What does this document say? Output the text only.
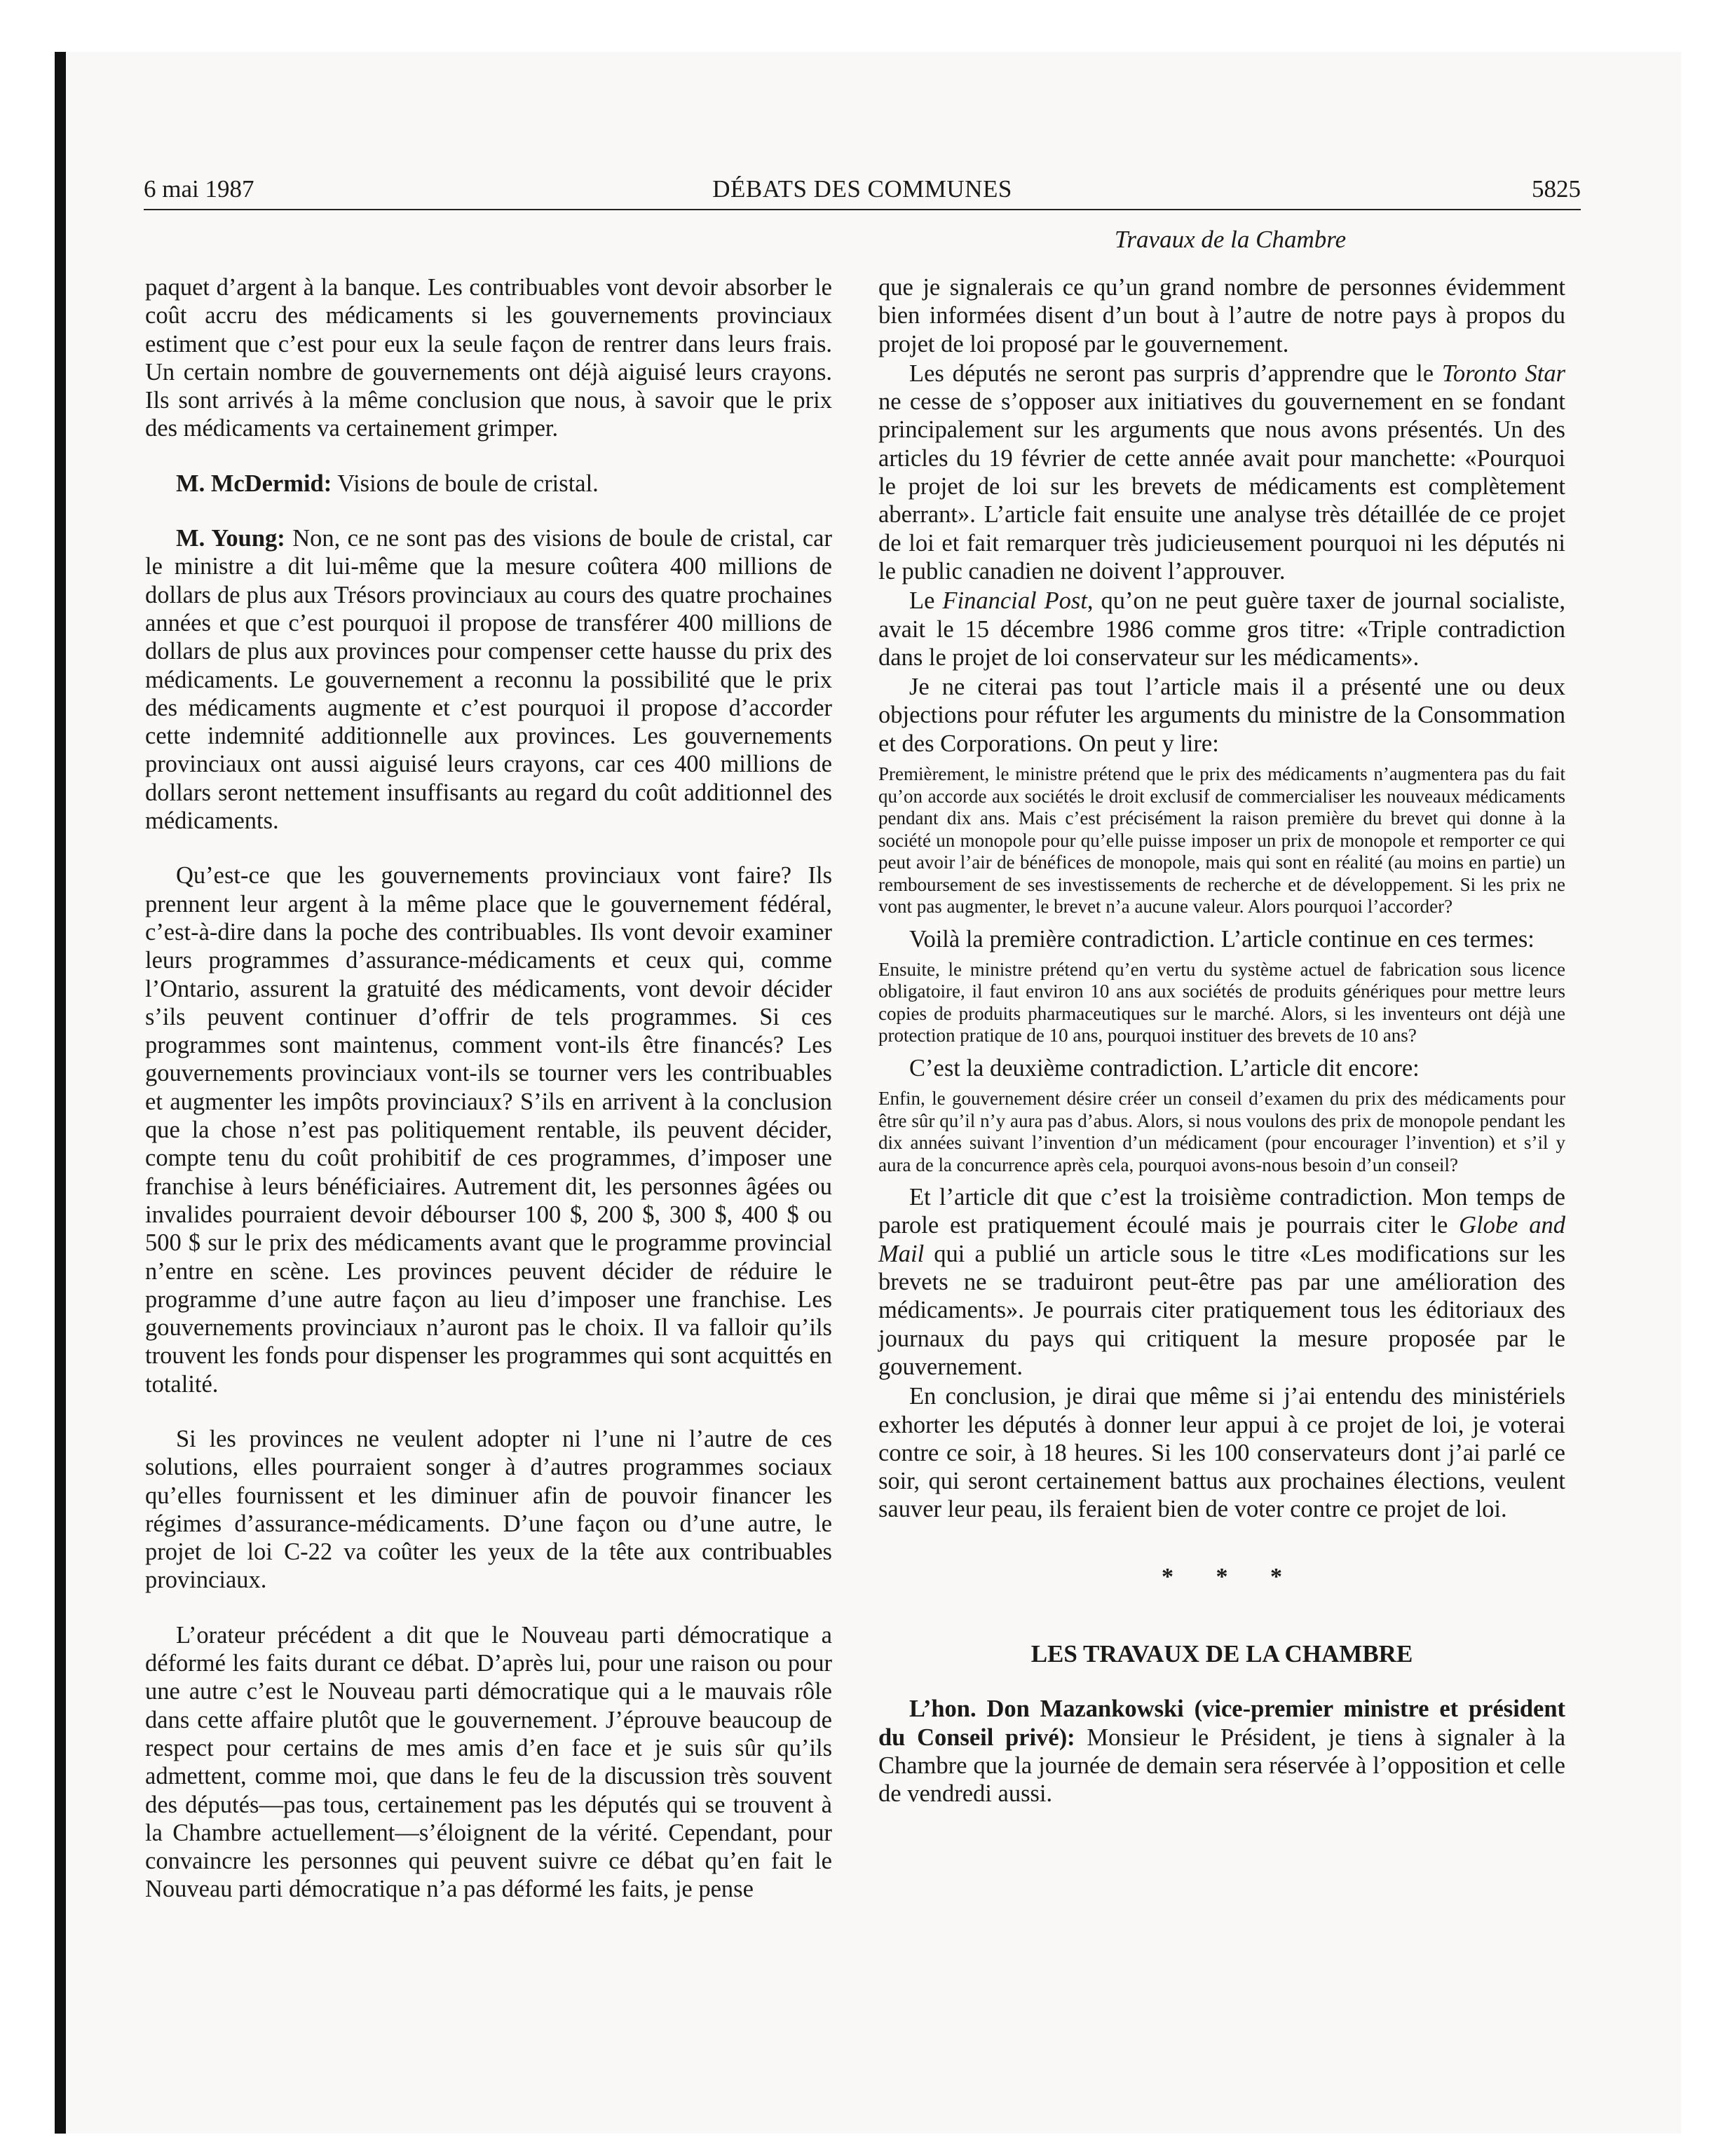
6 mai 1987	DÉBATS DES COMMUNES	5825
Travaux de la Chambre

paquet d’argent à la banque. Les contribuables vont devoir absorber le coût accru des médicaments si les gouvernements provinciaux estiment que c’est pour eux la seule façon de rentrer dans leurs frais. Un certain nombre de gouvernements ont déjà aiguisé leurs crayons. Ils sont arrivés à la même conclusion que nous, à savoir que le prix des médicaments va certainement grimper.

M. McDermid: Visions de boule de cristal.

M. Young: Non, ce ne sont pas des visions de boule de cristal, car le ministre a dit lui-même que la mesure coûtera 400 millions de dollars de plus aux Trésors provinciaux au cours des quatre prochaines années et que c’est pourquoi il propose de transférer 400 millions de dollars de plus aux provinces pour compenser cette hausse du prix des médicaments. Le gouvernement a reconnu la possibilité que le prix des médicaments augmente et c’est pourquoi il propose d’accorder cette indemnité additionnelle aux provinces. Les gouvernements provinciaux ont aussi aiguisé leurs crayons, car ces 400 millions de dollars seront nettement insuffisants au regard du coût additionnel des médicaments.

Qu’est-ce que les gouvernements provinciaux vont faire? Ils prennent leur argent à la même place que le gouvernement fédéral, c’est-à-dire dans la poche des contribuables. Ils vont devoir examiner leurs programmes d’assurance-médicaments et ceux qui, comme l’Ontario, assurent la gratuité des médicaments, vont devoir décider s’ils peuvent continuer d’offrir de tels programmes. Si ces programmes sont maintenus, comment vont-ils être financés? Les gouvernements provinciaux vont-ils se tourner vers les contribuables et augmenter les impôts provinciaux? S’ils en arrivent à la conclusion que la chose n’est pas politiquement rentable, ils peuvent décider, compte tenu du coût prohibitif de ces programmes, d’imposer une franchise à leurs bénéficiaires. Autrement dit, les personnes âgées ou invalides pourraient devoir débourser 100 $, 200 $, 300 $, 400 $ ou 500 $ sur le prix des médicaments avant que le programme provincial n’entre en scène. Les provinces peuvent décider de réduire le programme d’une autre façon au lieu d’imposer une franchise. Les gouvernements provinciaux n’auront pas le choix. Il va falloir qu’ils trouvent les fonds pour dispenser les programmes qui sont acquittés en totalité.

Si les provinces ne veulent adopter ni l’une ni l’autre de ces solutions, elles pourraient songer à d’autres programmes sociaux qu’elles fournissent et les diminuer afin de pouvoir financer les régimes d’assurance-médicaments. D’une façon ou d’une autre, le projet de loi C-22 va coûter les yeux de la tête aux contribuables provinciaux.

L’orateur précédent a dit que le Nouveau parti démocratique a déformé les faits durant ce débat. D’après lui, pour une raison ou pour une autre c’est le Nouveau parti démocratique qui a le mauvais rôle dans cette affaire plutôt que le gouvernement. J’éprouve beaucoup de respect pour certains de mes amis d’en face et je suis sûr qu’ils admettent, comme moi, que dans le feu de la discussion très souvent des députés—pas tous, certainement pas les députés qui se trouvent à la Chambre actuellement—s’éloignent de la vérité. Cependant, pour convaincre les personnes qui peuvent suivre ce débat qu’en fait le Nouveau parti démocratique n’a pas déformé les faits, je pense

que je signalerais ce qu’un grand nombre de personnes évidemment bien informées disent d’un bout à l’autre de notre pays à propos du projet de loi proposé par le gouvernement.

Les députés ne seront pas surpris d’apprendre que le Toronto Star ne cesse de s’opposer aux initiatives du gouvernement en se fondant principalement sur les arguments que nous avons présentés. Un des articles du 19 février de cette année avait pour manchette: «Pourquoi le projet de loi sur les brevets de médicaments est complètement aberrant». L’article fait ensuite une analyse très détaillée de ce projet de loi et fait remarquer très judicieusement pourquoi ni les députés ni le public canadien ne doivent l’approuver.

Le Financial Post, qu’on ne peut guère taxer de journal socialiste, avait le 15 décembre 1986 comme gros titre: «Triple contradiction dans le projet de loi conservateur sur les médicaments».

Je ne citerai pas tout l’article mais il a présenté une ou deux objections pour réfuter les arguments du ministre de la Consommation et des Corporations. On peut y lire:

Premièrement, le ministre prétend que le prix des médicaments n’augmentera pas du fait qu’on accorde aux sociétés le droit exclusif de commercialiser les nouveaux médicaments pendant dix ans. Mais c’est précisément la raison première du brevet qui donne à la société un monopole pour qu’elle puisse imposer un prix de monopole et remporter ce qui peut avoir l’air de bénéfices de monopole, mais qui sont en réalité (au moins en partie) un remboursement de ses investissements de recherche et de développement. Si les prix ne vont pas augmenter, le brevet n’a aucune valeur. Alors pourquoi l’accorder?

Voilà la première contradiction. L’article continue en ces termes:

Ensuite, le ministre prétend qu’en vertu du système actuel de fabrication sous licence obligatoire, il faut environ 10 ans aux sociétés de produits génériques pour mettre leurs copies de produits pharmaceutiques sur le marché. Alors, si les inventeurs ont déjà une protection pratique de 10 ans, pourquoi instituer des brevets de 10 ans?

C’est la deuxième contradiction. L’article dit encore:

Enfin, le gouvernement désire créer un conseil d’examen du prix des médicaments pour être sûr qu’il n’y aura pas d’abus. Alors, si nous voulons des prix de monopole pendant les dix années suivant l’invention d’un médicament (pour encourager l’invention) et s’il y aura de la concurrence après cela, pourquoi avons-nous besoin d’un conseil?

Et l’article dit que c’est la troisième contradiction. Mon temps de parole est pratiquement écoulé mais je pourrais citer le Globe and Mail qui a publié un article sous le titre «Les modifications sur les brevets ne se traduiront peut-être pas par une amélioration des médicaments». Je pourrais citer pratiquement tous les éditoriaux des journaux du pays qui critiquent la mesure proposée par le gouvernement.

En conclusion, je dirai que même si j’ai entendu des ministériels exhorter les députés à donner leur appui à ce projet de loi, je voterai contre ce soir, à 18 heures. Si les 100 conservateurs dont j’ai parlé ce soir, qui seront certainement battus aux prochaines élections, veulent sauver leur peau, ils feraient bien de voter contre ce projet de loi.

* * *
LES TRAVAUX DE LA CHAMBRE

L’hon. Don Mazankowski (vice-premier ministre et président du Conseil privé): Monsieur le Président, je tiens à signaler à la Chambre que la journée de demain sera réservée à l’opposition et celle de vendredi aussi.
